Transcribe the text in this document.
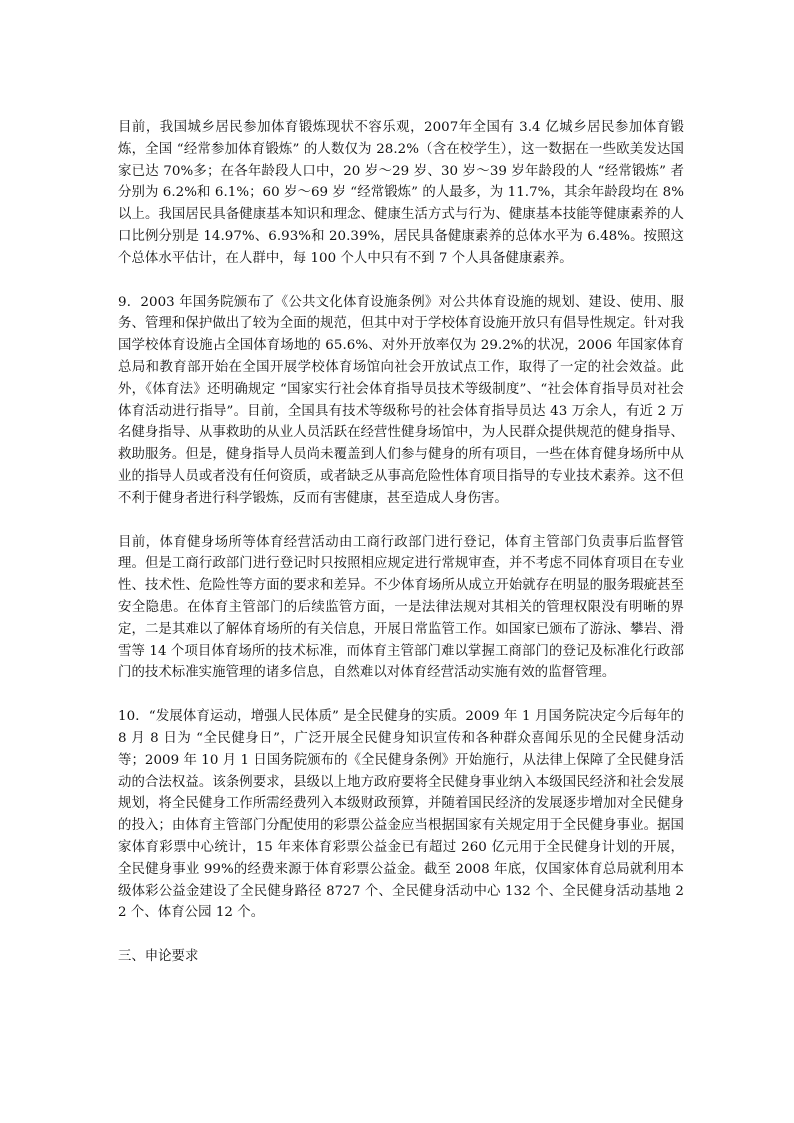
目前，我国城乡居民参加体育锻炼现状不容乐观，2007年全国有 3.4 亿城乡居民参加体育锻炼，全国 “经常参加体育锻炼” 的人数仅为 28.2%（含在校学生），这一数据在一些欧美发达国家已达 70%多；在各年龄段人口中，20 岁～29 岁、30 岁～39 岁年龄段的人 “经常锻炼” 者分别为 6.2%和 6.1%；60 岁～69 岁 “经常锻炼” 的人最多，为 11.7%，其余年龄段均在 8%以上。我国居民具备健康基本知识和理念、健康生活方式与行为、健康基本技能等健康素养的人口比例分别是 14.97%、6.93%和 20.39%，居民具备健康素养的总体水平为 6.48%。按照这个总体水平估计，在人群中，每 100 个人中只有不到 7 个人具备健康素养。

9．2003 年国务院颁布了《公共文化体育设施条例》对公共体育设施的规划、建设、使用、服务、管理和保护做出了较为全面的规范，但其中对于学校体育设施开放只有倡导性规定。针对我国学校体育设施占全国体育场地的 65.6%、对外开放率仅为 29.2%的状况，2006 年国家体育总局和教育部开始在全国开展学校体育场馆向社会开放试点工作，取得了一定的社会效益。此外，《体育法》还明确规定 “国家实行社会体育指导员技术等级制度”、“社会体育指导员对社会体育活动进行指导”。目前，全国具有技术等级称号的社会体育指导员达 43 万余人，有近 2 万名健身指导、从事救助的从业人员活跃在经营性健身场馆中，为人民群众提供规范的健身指导、救助服务。但是，健身指导人员尚未覆盖到人们参与健身的所有项目，一些在体育健身场所中从业的指导人员或者没有任何资质，或者缺乏从事高危险性体育项目指导的专业技术素养。这不但不利于健身者进行科学锻炼，反而有害健康，甚至造成人身伤害。

目前，体育健身场所等体育经营活动由工商行政部门进行登记，体育主管部门负责事后监督管理。但是工商行政部门进行登记时只按照相应规定进行常规审查，并不考虑不同体育项目在专业性、技术性、危险性等方面的要求和差异。不少体育场所从成立开始就存在明显的服务瑕疵甚至安全隐患。在体育主管部门的后续监管方面，一是法律法规对其相关的管理权限没有明晰的界定，二是其难以了解体育场所的有关信息，开展日常监管工作。如国家已颁布了游泳、攀岩、滑雪等 14 个项目体育场所的技术标准，而体育主管部门难以掌握工商部门的登记及标准化行政部门的技术标准实施管理的诸多信息，自然难以对体育经营活动实施有效的监督管理。

10．“发展体育运动，增强人民体质” 是全民健身的实质。2009 年 1 月国务院决定今后每年的 8 月 8 日为 “全民健身日”，广泛开展全民健身知识宣传和各种群众喜闻乐见的全民健身活动等；2009 年 10 月 1 日国务院颁布的《全民健身条例》开始施行，从法律上保障了全民健身活动的合法权益。该条例要求，县级以上地方政府要将全民健身事业纳入本级国民经济和社会发展规划，将全民健身工作所需经费列入本级财政预算，并随着国民经济的发展逐步增加对全民健身的投入；由体育主管部门分配使用的彩票公益金应当根据国家有关规定用于全民健身事业。据国家体育彩票中心统计，15 年来体育彩票公益金已有超过 260 亿元用于全民健身计划的开展，全民健身事业 99%的经费来源于体育彩票公益金。截至 2008 年底，仅国家体育总局就利用本级体彩公益金建设了全民健身路径 8727 个、全民健身活动中心 132 个、全民健身活动基地 22 个、体育公园 12 个。

三、申论要求
